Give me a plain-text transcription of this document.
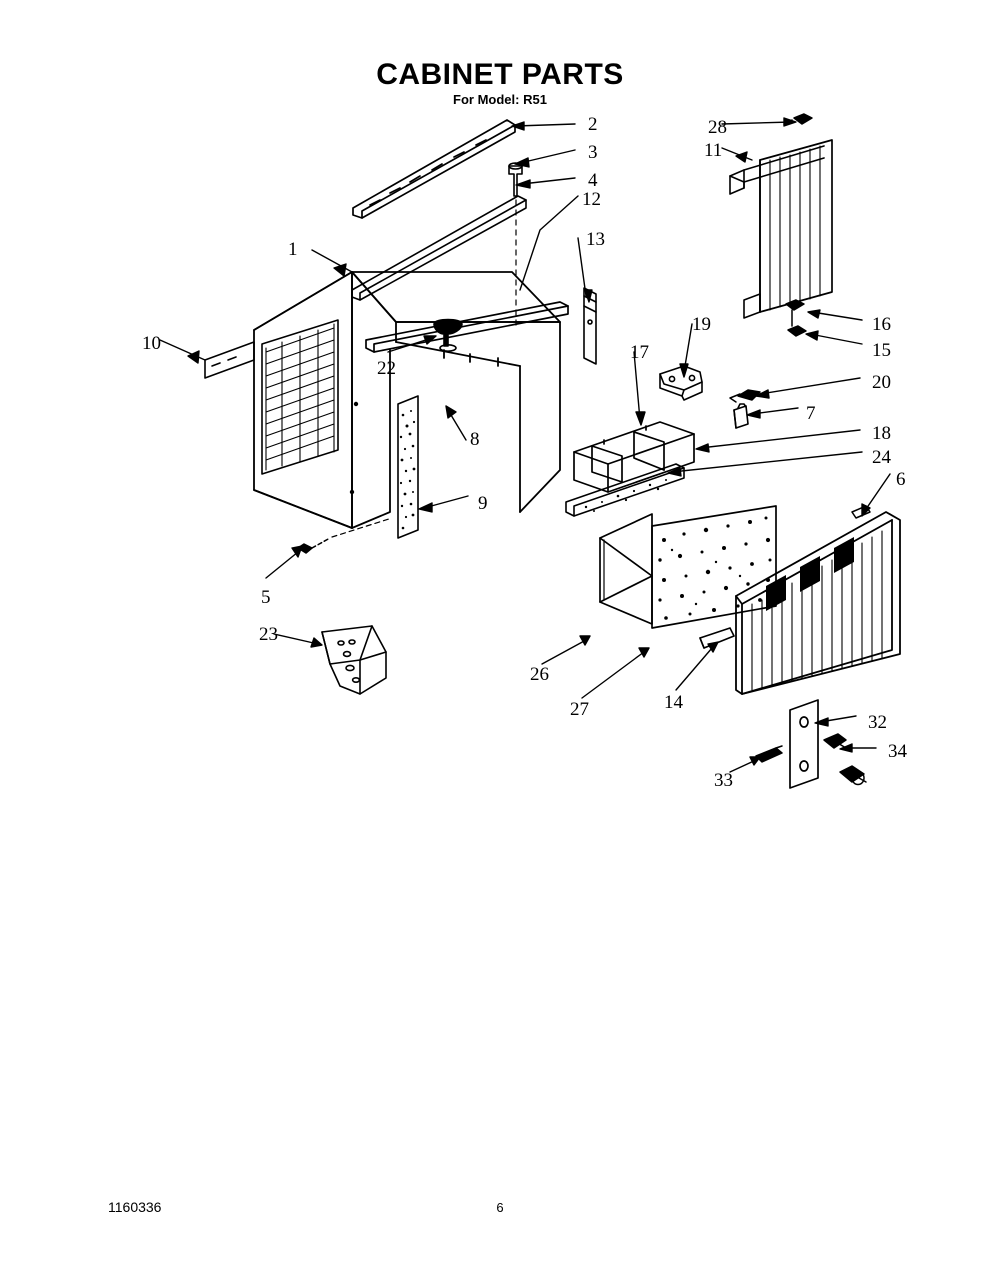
CABINET PARTS
For Model: R51
1
2
3
4
5
6
7
8
9
10
11
12
13
14
15
16
17
18
19
20
22
23
24
26
27
28
32
33
34
1160336	6
